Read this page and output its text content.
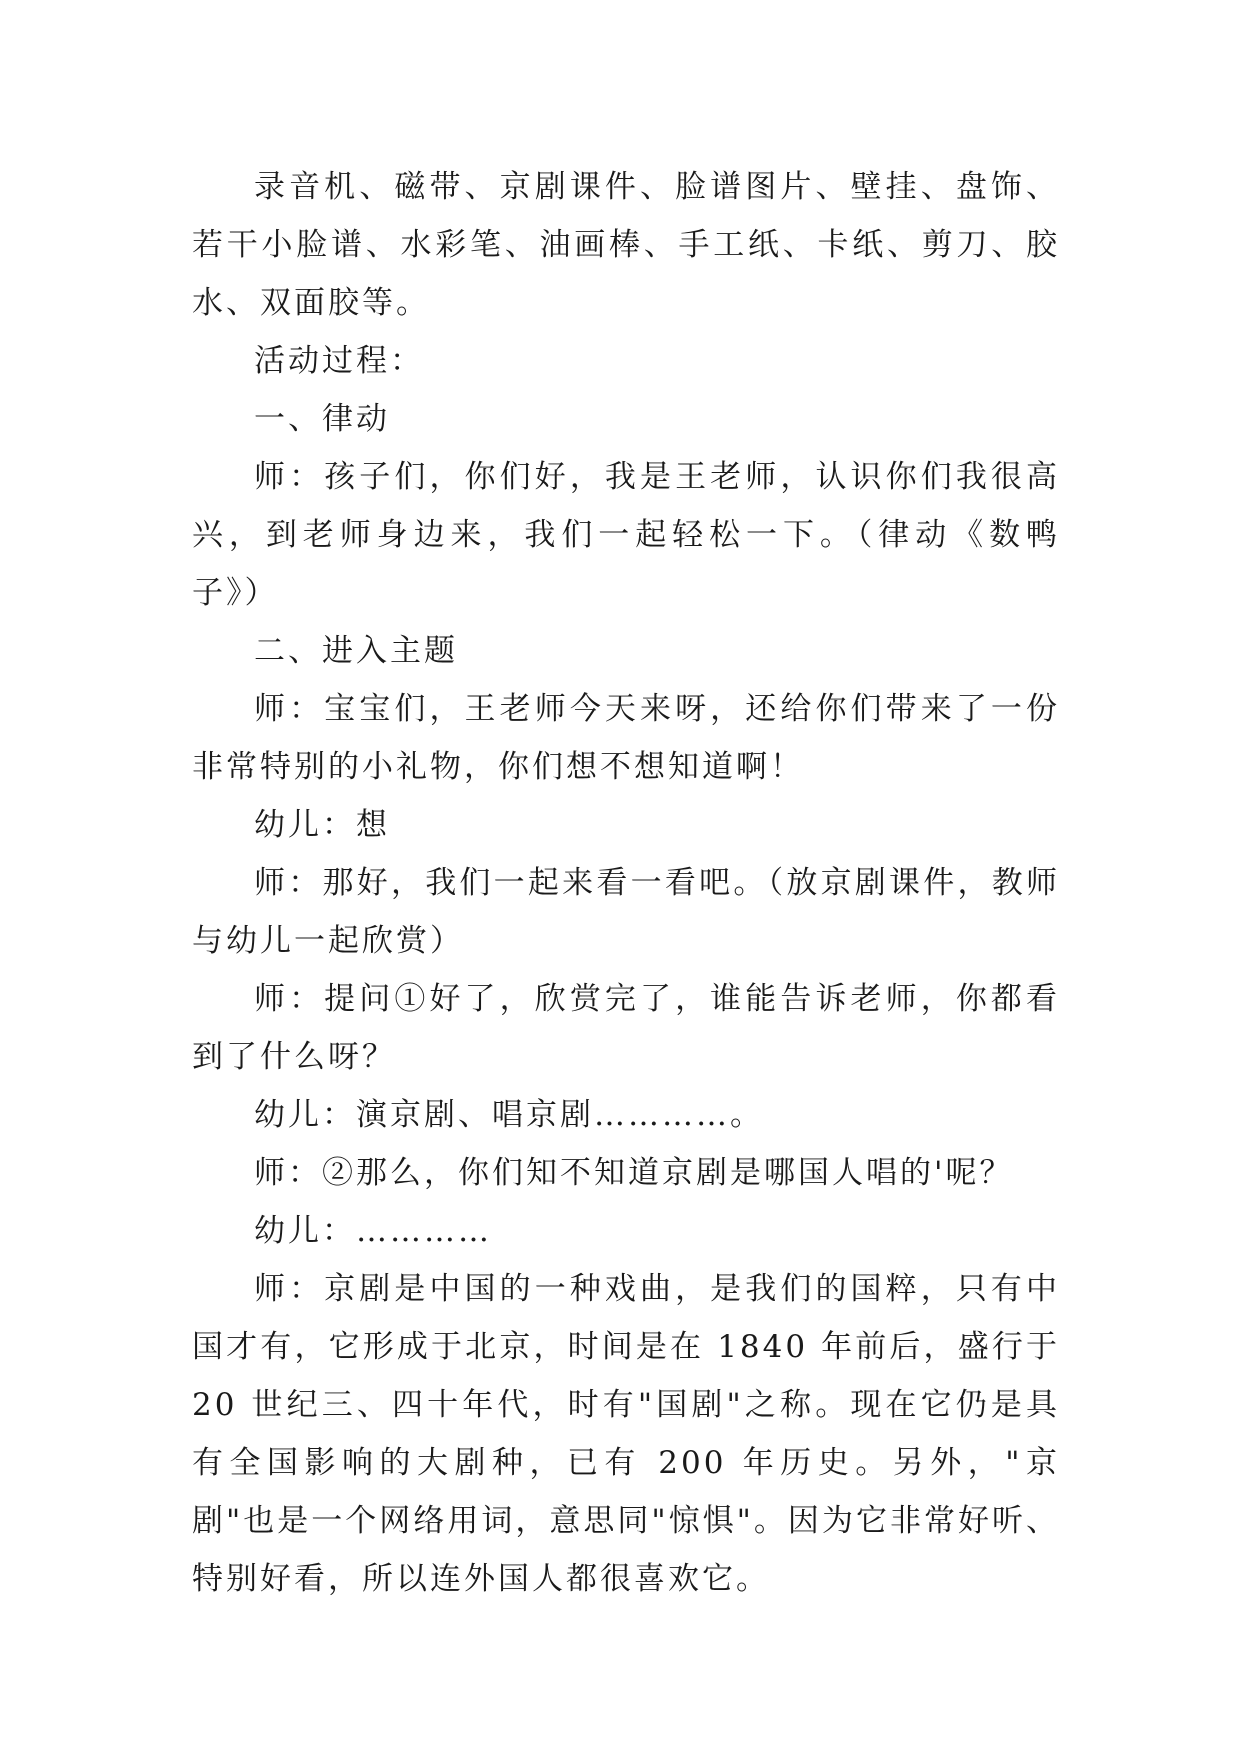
录音机、磁带、京剧课件、脸谱图片、壁挂、盘饰、若干小脸谱、水彩笔、油画棒、手工纸、卡纸、剪刀、胶水、双面胶等。

活动过程：

一、律动

师：孩子们，你们好，我是王老师，认识你们我很高兴，到老师身边来，我们一起轻松一下。（律动《数鸭子》）

二、进入主题

师：宝宝们，王老师今天来呀，还给你们带来了一份非常特别的小礼物，你们想不想知道啊！

幼儿：想

师：那好，我们一起来看一看吧。（放京剧课件，教师与幼儿一起欣赏）

师：提问①好了，欣赏完了，谁能告诉老师，你都看到了什么呀？

幼儿：演京剧、唱京剧…………。

师：②那么，你们知不知道京剧是哪国人唱的'呢？

幼儿：…………

师：京剧是中国的一种戏曲，是我们的国粹，只有中国才有，它形成于北京，时间是在 1840 年前后，盛行于 20 世纪三、四十年代，时有"国剧"之称。现在它仍是具有全国影响的大剧种，已有 200 年历史。另外，"京剧"也是一个网络用词，意思同"惊惧"。因为它非常好听、特别好看，所以连外国人都很喜欢它。
